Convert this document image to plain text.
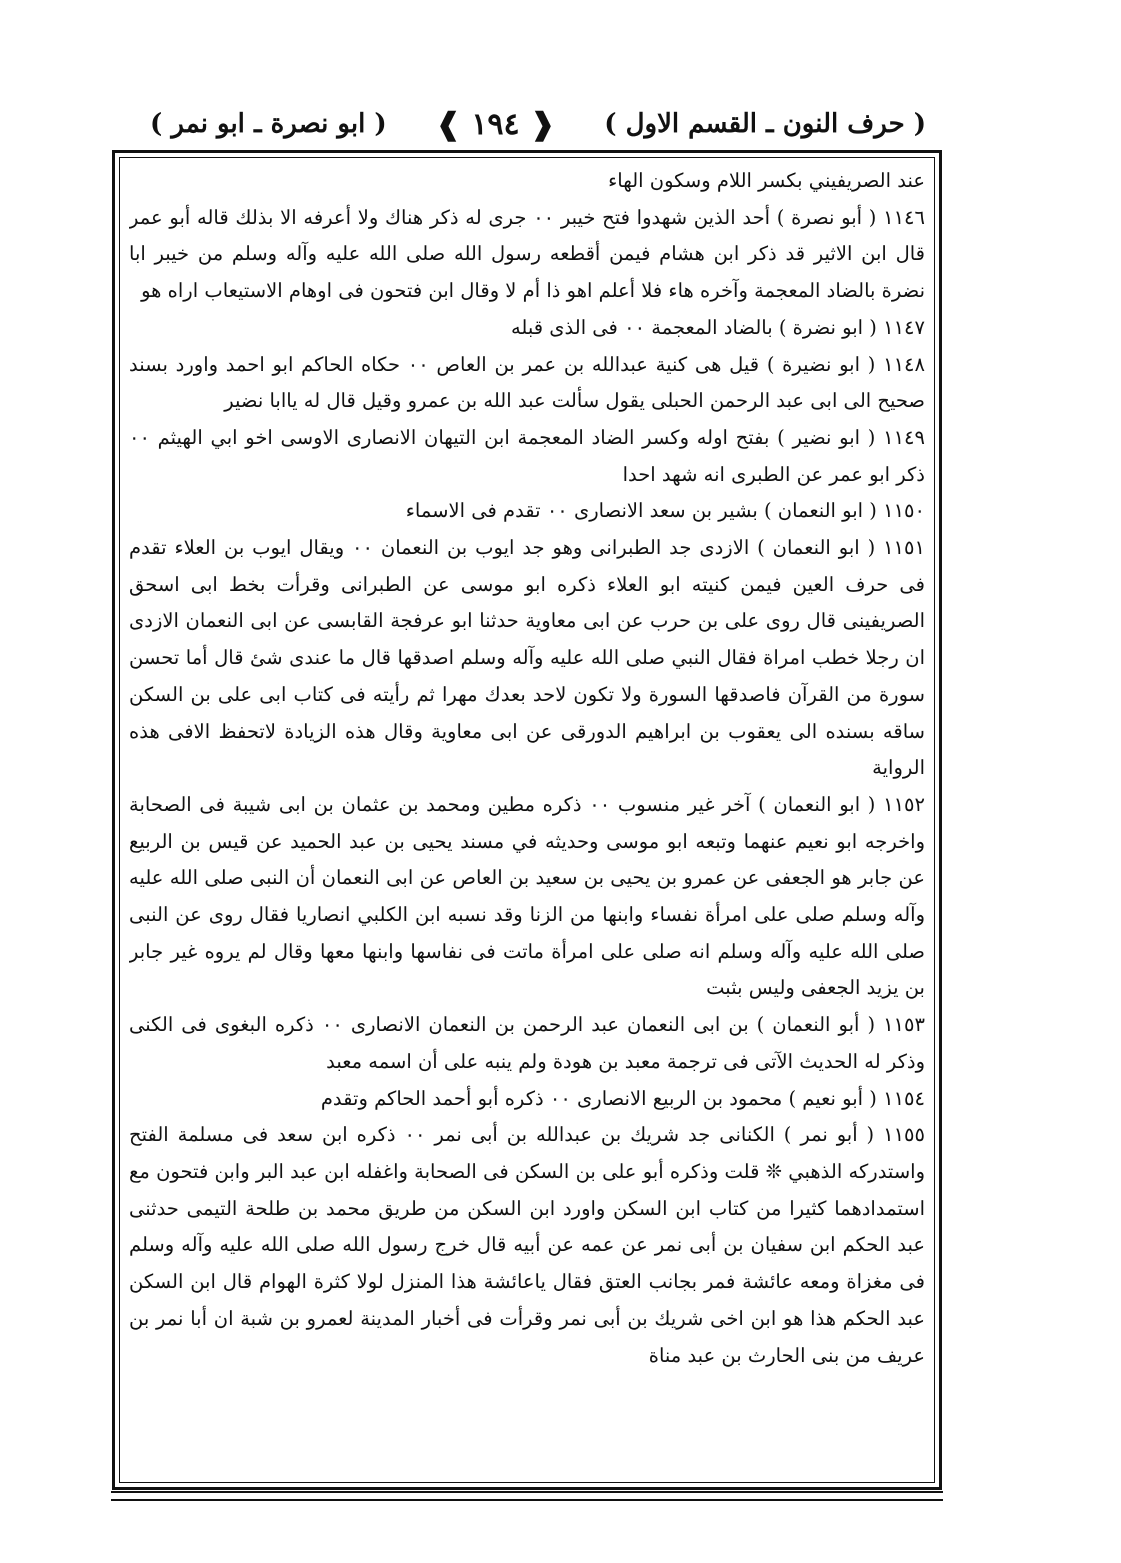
( حرف النون ـ القسم الاول )
❰ ١٩٤ ❱
( ابو نصرة ـ ابو نمر )

عند الصريفيني بكسر اللام وسكون الهاء

١١٤٦ ( أبو نصرة ) أحد الذين شهدوا فتح خيبر ٠٠ جرى له ذكر هناك ولا أعرفه الا بذلك قاله أبو عمر قال ابن الاثير قد ذكر ابن هشام فيمن أقطعه رسول الله صلى الله عليه وآله وسلم من خيبر ابا نضرة بالضاد المعجمة وآخره هاء فلا أعلم اهو ذا أم لا وقال ابن فتحون فى اوهام الاستيعاب اراه هو

١١٤٧ ( ابو نضرة ) بالضاد المعجمة ٠٠ فى الذى قبله

١١٤٨ ( ابو نضيرة ) قيل هى كنية عبدالله بن عمر بن العاص ٠٠ حكاه الحاكم ابو احمد واورد بسند صحيح الى ابى عبد الرحمن الحبلى يقول سألت عبد الله بن عمرو وقيل قال له ياابا نضير

١١٤٩ ( ابو نضير ) بفتح اوله وكسر الضاد المعجمة ابن التيهان الانصارى الاوسى اخو ابي الهيثم ٠٠ ذكر ابو عمر عن الطبرى انه شهد احدا

١١٥٠ ( ابو النعمان ) بشير بن سعد الانصارى ٠٠ تقدم فى الاسماء

١١٥١ ( ابو النعمان ) الازدى جد الطبرانى وهو جد ايوب بن النعمان ٠٠ ويقال ايوب بن العلاء تقدم فى حرف العين فيمن كنيته ابو العلاء ذكره ابو موسى عن الطبرانى وقرأت بخط ابى اسحق الصريفينى قال روى على بن حرب عن ابى معاوية حدثنا ابو عرفجة القابسى عن ابى النعمان الازدى ان رجلا خطب امراة فقال النبي صلى الله عليه وآله وسلم اصدقها قال ما عندى شئ قال أما تحسن سورة من القرآن فاصدقها السورة ولا تكون لاحد بعدك مهرا ثم رأيته فى كتاب ابى على بن السكن ساقه بسنده الى يعقوب بن ابراهيم الدورقى عن ابى معاوية وقال هذه الزيادة لاتحفظ الافى هذه الرواية

١١٥٢ ( ابو النعمان ) آخر غير منسوب ٠٠ ذكره مطين ومحمد بن عثمان بن ابى شيبة فى الصحابة واخرجه ابو نعيم عنهما وتبعه ابو موسى وحديثه في مسند يحيى بن عبد الحميد عن قيس بن الربيع عن جابر هو الجعفى عن عمرو بن يحيى بن سعيد بن العاص عن ابى النعمان أن النبى صلى الله عليه وآله وسلم صلى على امرأة نفساء وابنها من الزنا وقد نسبه ابن الكلبي انصاريا فقال روى عن النبى صلى الله عليه وآله وسلم انه صلى على امرأة ماتت فى نفاسها وابنها معها وقال لم يروه غير جابر بن يزيد الجعفى وليس بثبت

١١٥٣ ( أبو النعمان ) بن ابى النعمان عبد الرحمن بن النعمان الانصارى ٠٠ ذكره البغوى فى الكنى وذكر له الحديث الآتى فى ترجمة معبد بن هودة ولم ينبه على أن اسمه معبد

١١٥٤ ( أبو نعيم ) محمود بن الربيع الانصارى ٠٠ ذكره أبو أحمد الحاكم وتقدم

١١٥٥ ( أبو نمر ) الكنانى جد شريك بن عبدالله بن أبى نمر ٠٠ ذكره ابن سعد فى مسلمة الفتح واستدركه الذهبي ❊ قلت وذكره أبو على بن السكن فى الصحابة واغفله ابن عبد البر وابن فتحون مع استمدادهما كثيرا من كتاب ابن السكن واورد ابن السكن من طريق محمد بن طلحة التيمى حدثنى عبد الحكم ابن سفيان بن أبى نمر عن عمه عن أبيه قال خرج رسول الله صلى الله عليه وآله وسلم فى مغزاة ومعه عائشة فمر بجانب العتق فقال ياعائشة هذا المنزل لولا كثرة الهوام قال ابن السكن عبد الحكم هذا هو ابن اخى شريك بن أبى نمر وقرأت فى أخبار المدينة لعمرو بن شبة ان أبا نمر بن عريف من بنى الحارث بن عبد مناة
